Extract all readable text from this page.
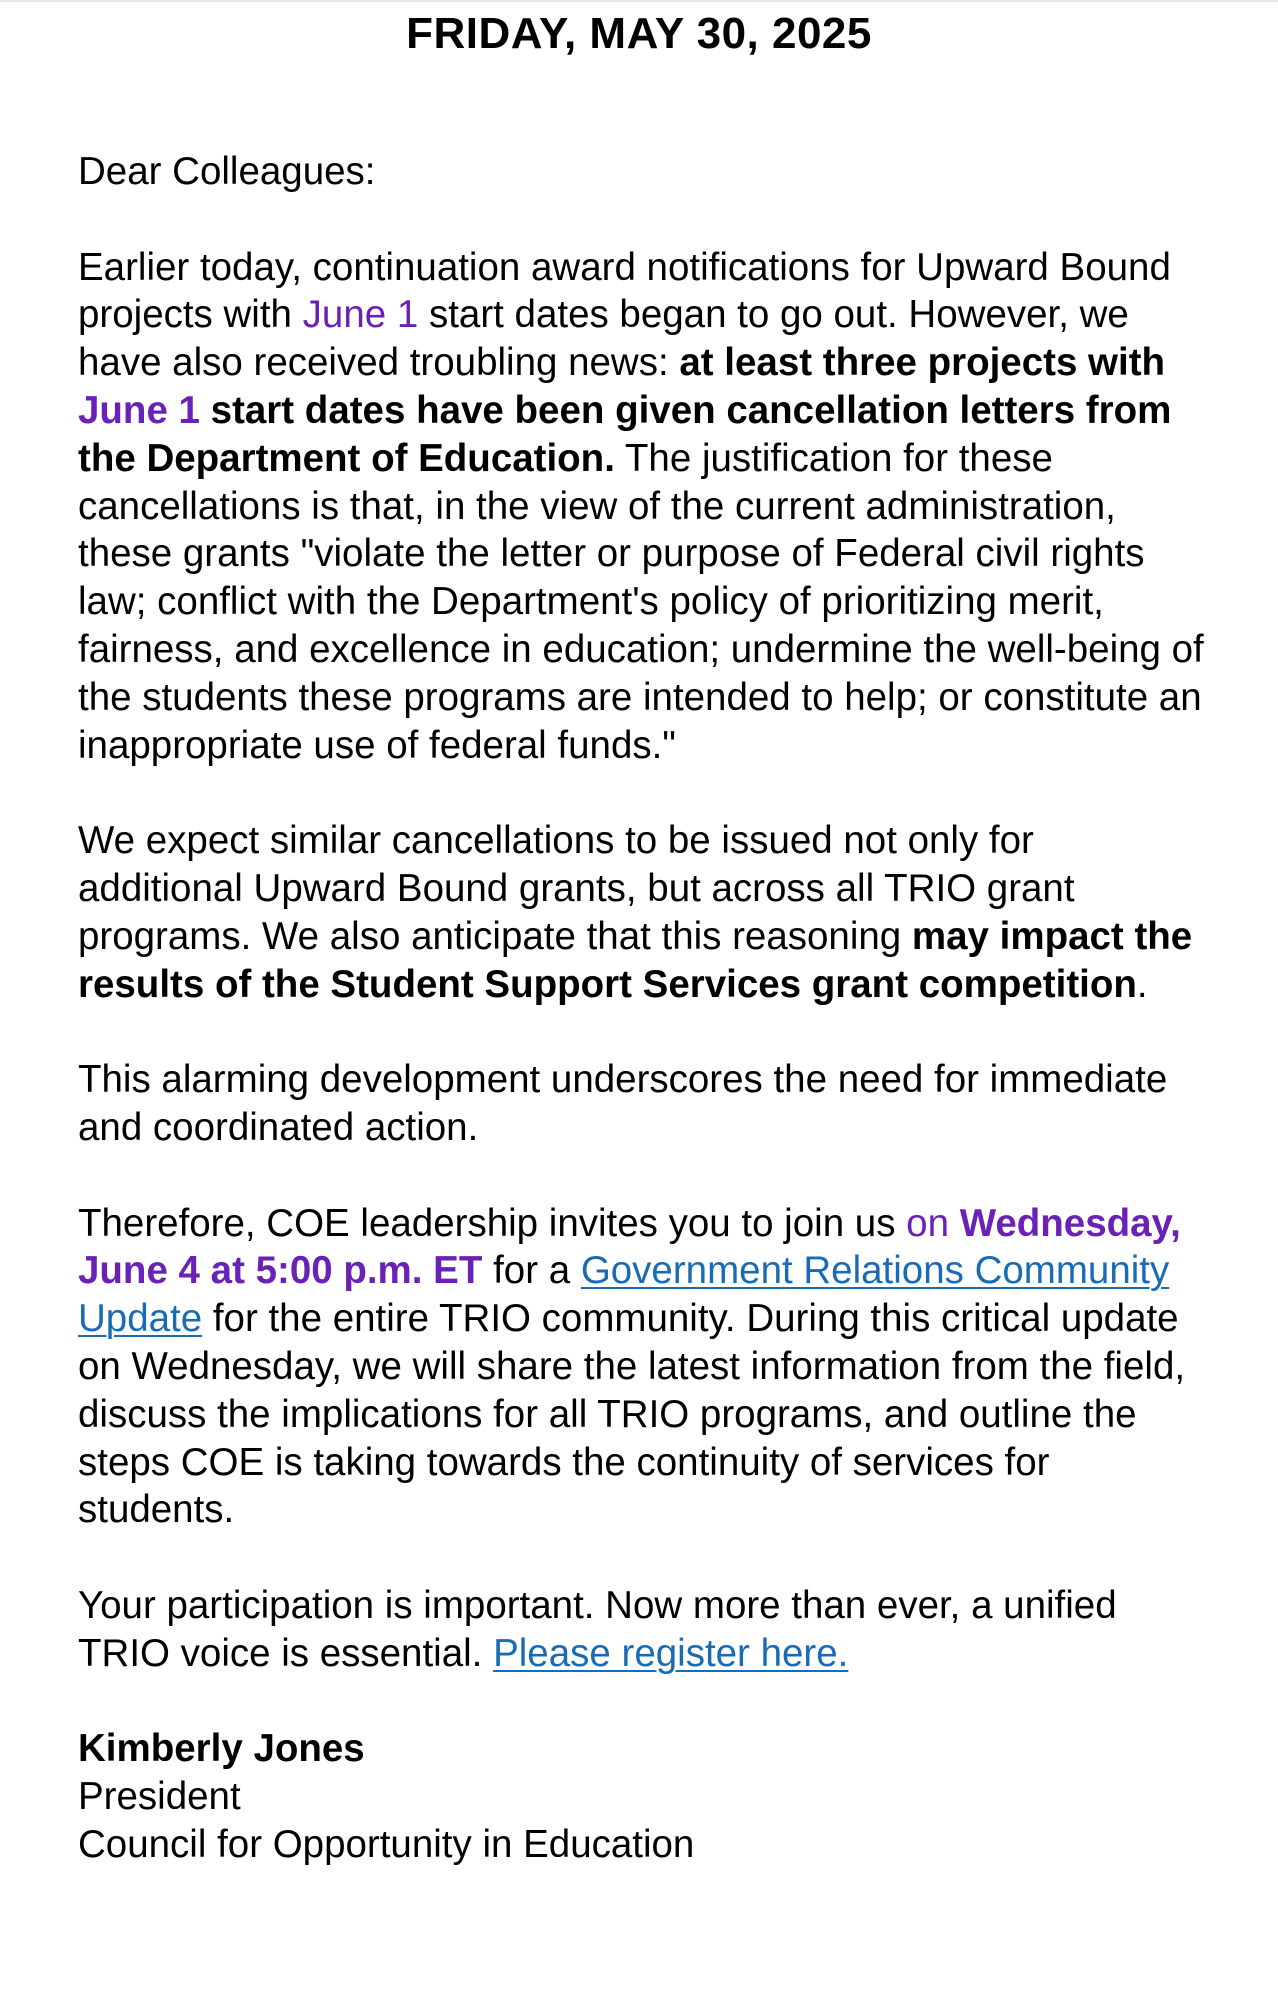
FRIDAY, MAY 30, 2025

Dear Colleagues:

Earlier today, continuation award notifications for Upward Bound projects with June 1 start dates began to go out. However, we have also received troubling news: at least three projects with June 1 start dates have been given cancellation letters from the Department of Education. The justification for these cancellations is that, in the view of the current administration, these grants "violate the letter or purpose of Federal civil rights law; conflict with the Department's policy of prioritizing merit, fairness, and excellence in education; undermine the well-being of the students these programs are intended to help; or constitute an inappropriate use of federal funds."

We expect similar cancellations to be issued not only for additional Upward Bound grants, but across all TRIO grant programs. We also anticipate that this reasoning may impact the results of the Student Support Services grant competition.

This alarming development underscores the need for immediate and coordinated action.

Therefore, COE leadership invites you to join us on Wednesday, June 4 at 5:00 p.m. ET for a Government Relations Community Update for the entire TRIO community. During this critical update on Wednesday, we will share the latest information from the field, discuss the implications for all TRIO programs, and outline the steps COE is taking towards the continuity of services for students.

Your participation is important. Now more than ever, a unified TRIO voice is essential. Please register here.

Kimberly Jones
President
Council for Opportunity in Education
